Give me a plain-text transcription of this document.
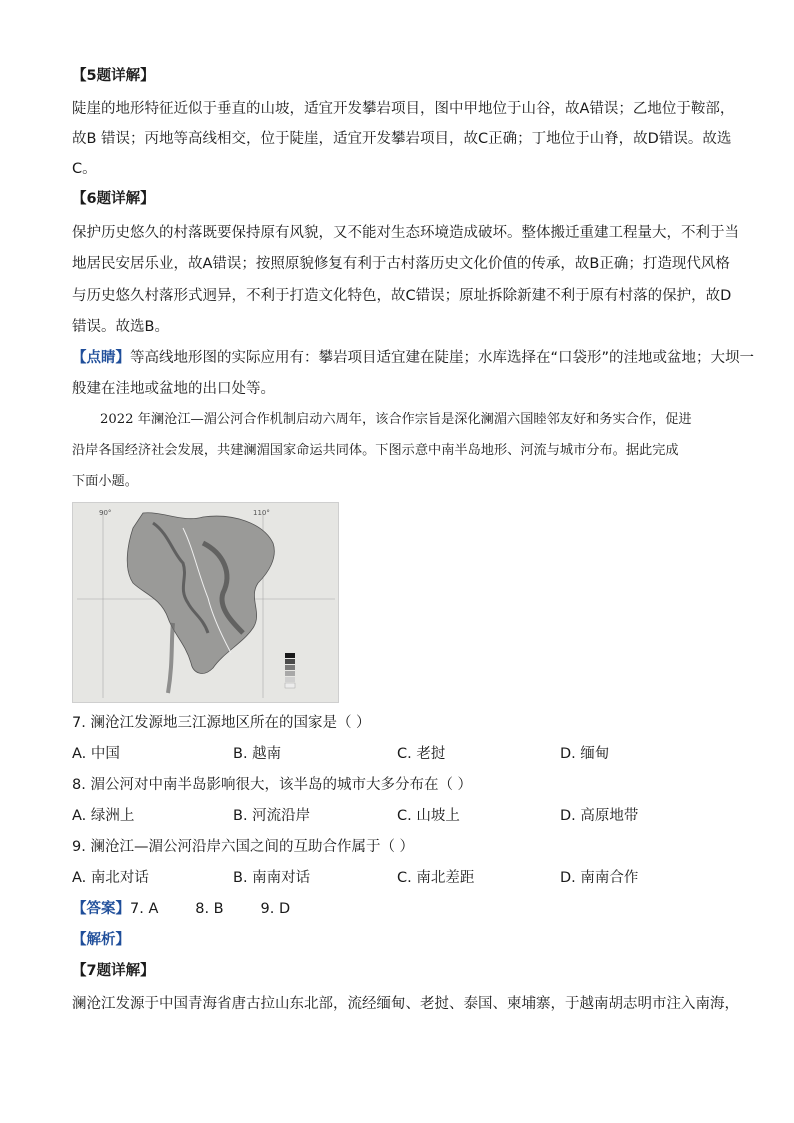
【5题详解】
陡崖的地形特征近似于垂直的山坡，适宜开发攀岩项目，图中甲地位于山谷，故A错误；乙地位于鞍部，
故B 错误；丙地等高线相交，位于陡崖，适宜开发攀岩项目，故C正确；丁地位于山脊，故D错误。故选
C。
【6题详解】
保护历史悠久的村落既要保持原有风貌，又不能对生态环境造成破坏。整体搬迁重建工程量大，不利于当
地居民安居乐业，故A错误；按照原貌修复有利于古村落历史文化价值的传承，故B正确；打造现代风格
与历史悠久村落形式迥异，不利于打造文化特色，故C错误；原址拆除新建不利于原有村落的保护，故D
错误。故选B。
【点睛】等高线地形图的实际应用有：攀岩项目适宜建在陡崖；水库选择在“口袋形”的洼地或盆地；大坝一
般建在洼地或盆地的出口处等。
2022 年澜沧江—湄公河合作机制启动六周年，该合作宗旨是深化澜湄六国睦邻友好和务实合作，促进
沿岸各国经济社会发展，共建澜湄国家命运共同体。下图示意中南半岛地形、河流与城市分布。据此完成
下面小题。
90°	110°
7. 澜沧江发源地三江源地区所在的国家是（ ）
A. 中国	B. 越南	C. 老挝	D. 缅甸
8. 湄公河对中南半岛影响很大，该半岛的城市大多分布在（ ）
A. 绿洲上	B. 河流沿岸	C. 山坡上	D. 高原地带
9. 澜沧江—湄公河沿岸六国之间的互助合作属于（ ）
A. 南北对话	B. 南南对话	C. 南北差距	D. 南南合作
【答案】7. A        8. B        9. D
【解析】
【7题详解】
澜沧江发源于中国青海省唐古拉山东北部，流经缅甸、老挝、泰国、柬埔寨，于越南胡志明市注入南海，
